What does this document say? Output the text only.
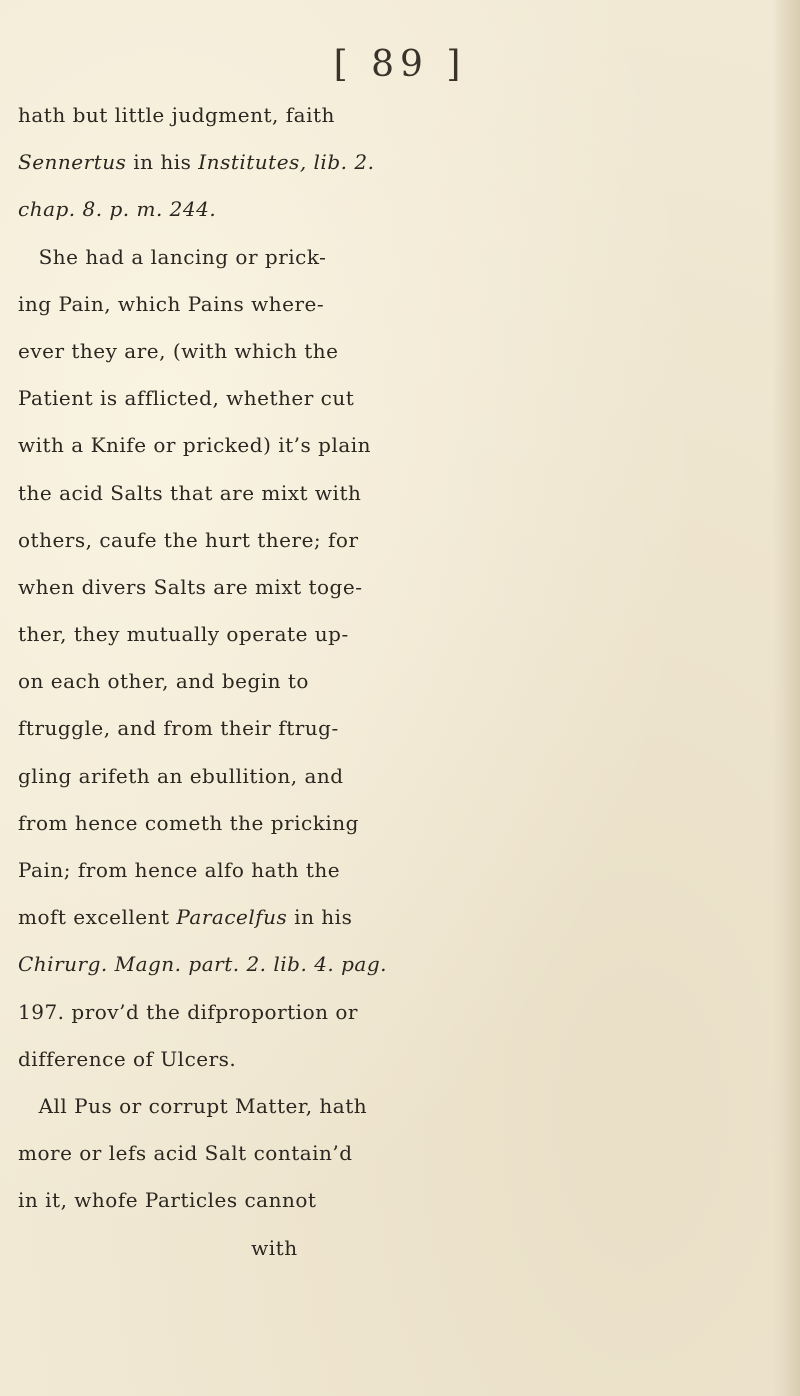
[ 89 ]
hath but little judgment, faith
Sennertus in his Institutes, lib. 2.
chap. 8. p. m. 244.
She had a lancing or prick-
ing Pain, which Pains where-
ever they are, (with which the
Patient is afflicted, whether cut
with a Knife or pricked) it’s plain
the acid Salts that are mixt with
others, caufe the hurt there; for
when divers Salts are mixt toge-
ther, they mutually operate up-
on each other, and begin to
ftruggle, and from their ftrug-
gling arifeth an ebullition, and
from hence cometh the pricking
Pain; from hence alfo hath the
moft excellent Paracelfus in his
Chirurg. Magn. part. 2. lib. 4. pag.
197. prov’d the difproportion or
difference of Ulcers.
All Pus or corrupt Matter, hath
more or lefs acid Salt contain’d
in it, whofe Particles cannot
with
